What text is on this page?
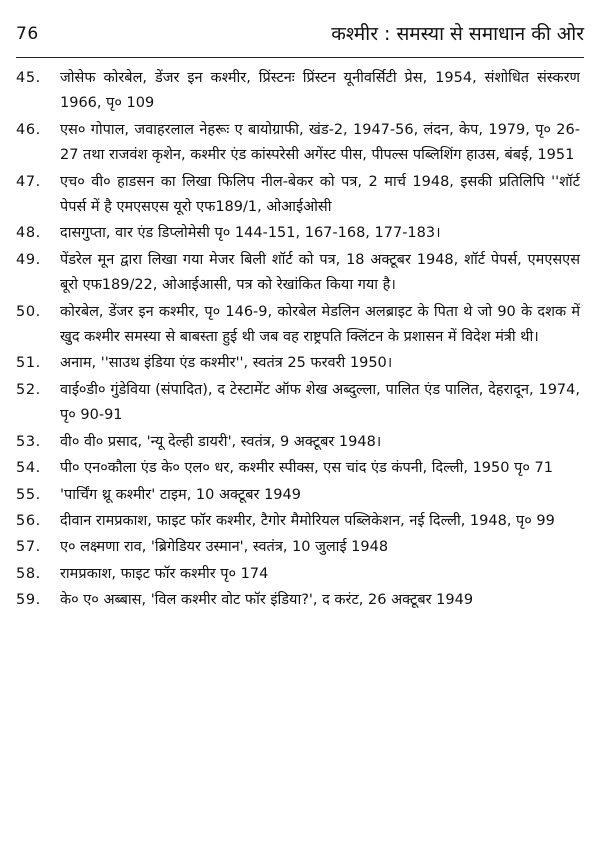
76	कश्मीर : समस्या से समाधान की ओर
45.	जोसेफ कोरबेल, डेंजर इन कश्मीर, प्रिंस्टनः प्रिंस्टन यूनीवर्सिटी प्रेस, 1954, संशोधित संस्करण 1966, पृ० 109
46.	एस० गोपाल, जवाहरलाल नेहरूः ए बायोग्राफी, खंड-2, 1947-56, लंदन, केप, 1979, पृ० 26-27 तथा राजवंश कृशेन, कश्मीर एंड कांस्परेसी अगेंस्ट पीस, पीपल्स पब्लिशिंग हाउस, बंबई, 1951
47.	एच० वी० हाडसन का लिखा फिलिप नील-बेकर को पत्र, 2 मार्च 1948, इसकी प्रतिलिपि ''शॉर्ट पेपर्स में है एमएसएस यूरो एफ189/1, ओआईओसी
48.	दासगुप्ता, वार एंड डिप्लोमेसी पृ० 144-151, 167-168, 177-183।
49.	पेंडरेल मून द्वारा लिखा गया मेजर बिली शॉर्ट को पत्र, 18 अक्टूबर 1948, शॉर्ट पेपर्स, एमएसएस बूरो एफ189/22, ओआईआसी, पत्र को रेखांकित किया गया है।
50.	कोरबेल, डेंजर इन कश्मीर, पृ० 146-9, कोरबेल मेडलिन अलब्राइट के पिता थे जो 90 के दशक में खुद कश्मीर समस्या से बाबस्ता हुई थी जब वह राष्ट्रपति क्लिंटन के प्रशासन में विदेश मंत्री थी।
51.	अनाम, ''साउथ इंडिया एंड कश्मीर'', स्वतंत्र 25 फरवरी 1950।
52.	वाई०डी० गुंडेविया (संपादित), द टेस्टामेंट ऑफ शेख अब्दुल्ला, पालित एंड पालित, देहरादून, 1974, पृ० 90-91
53.	वी० वी० प्रसाद, 'न्यू देल्ही डायरी', स्वतंत्र, 9 अक्टूबर 1948।
54.	पी० एन०कौला एंड के० एल० धर, कश्मीर स्पीक्स, एस चांद एंड कंपनी, दिल्ली, 1950 पृ० 71
55.	'पार्चिंग थ्रू कश्मीर' टाइम, 10 अक्टूबर 1949
56.	दीवान रामप्रकाश, फाइट फॉर कश्मीर, टैगोर मैमोरियल पब्लिकेशन, नई दिल्ली, 1948, पृ० 99
57.	ए० लक्ष्मणा राव, 'ब्रिगेडियर उस्मान', स्वतंत्र, 10 जुलाई 1948
58.	रामप्रकाश, फाइट फॉर कश्मीर पृ० 174
59.	के० ए० अब्बास, 'विल कश्मीर वोट फॉर इंडिया?', द करंट, 26 अक्टूबर 1949
